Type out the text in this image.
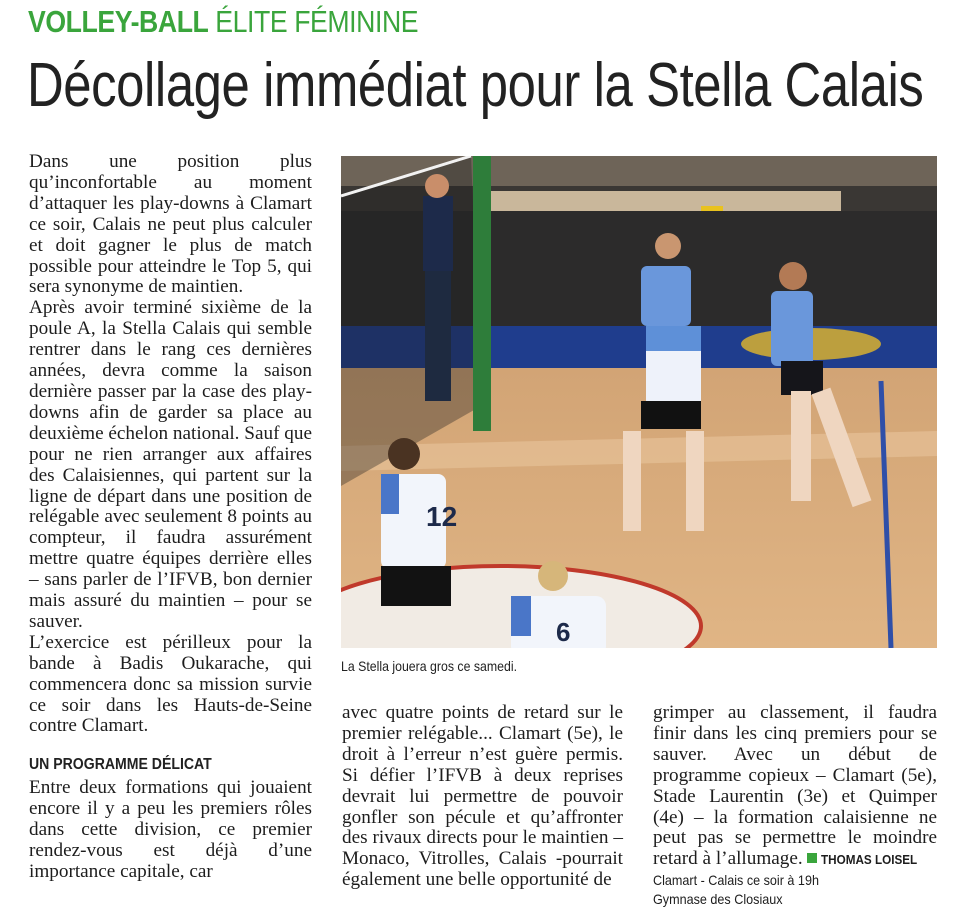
VOLLEY-BALL ÉLITE FÉMININE
Décollage immédiat pour la Stella Calais

Dans une position plus qu’inconfortable au moment d’attaquer les play-downs à Clamart ce soir, Calais ne peut plus calculer et doit gagner le plus de match possible pour atteindre le Top 5, qui sera synonyme de maintien.

Après avoir terminé sixième de la poule A, la Stella Calais qui semble rentrer dans le rang ces dernières années, devra comme la saison dernière passer par la case des play-downs afin de garder sa place au deuxième échelon national. Sauf que pour ne rien arranger aux affaires des Calaisiennes, qui partent sur la ligne de départ dans une position de relégable avec seulement 8 points au compteur, il faudra assurément mettre quatre équipes derrière elles – sans parler de l’IFVB, bon dernier mais assuré du maintien – pour se sauver.

L’exercice est périlleux pour la bande à Badis Oukarache, qui commencera donc sa mission survie ce soir dans les Hauts-de-Seine contre Clamart.

UN PROGRAMME DÉLICAT

Entre deux formations qui jouaient encore il y a peu les premiers rôles dans cette division, ce premier rendez-vous est déjà d’une importance capitale, car

12
6
La Stella jouera gros ce samedi.

avec quatre points de retard sur le premier relégable... Clamart (5e), le droit à l’erreur n’est guère permis. Si défier l’IFVB à deux reprises devrait lui permettre de pouvoir gonfler son pécule et qu’affronter des rivaux directs pour le maintien – Monaco, Vitrolles, Calais -pourrait également une belle opportunité de

grimper au classement, il faudra finir dans les cinq premiers pour se sauver. Avec un début de programme copieux – Clamart (5e), Stade Laurentin (3e) et Quimper (4e) – la formation calaisienne ne peut pas se permettre le moindre retard à l’allumage. THOMAS LOISEL

Clamart - Calais ce soir à 19h
Gymnase des Closiaux
